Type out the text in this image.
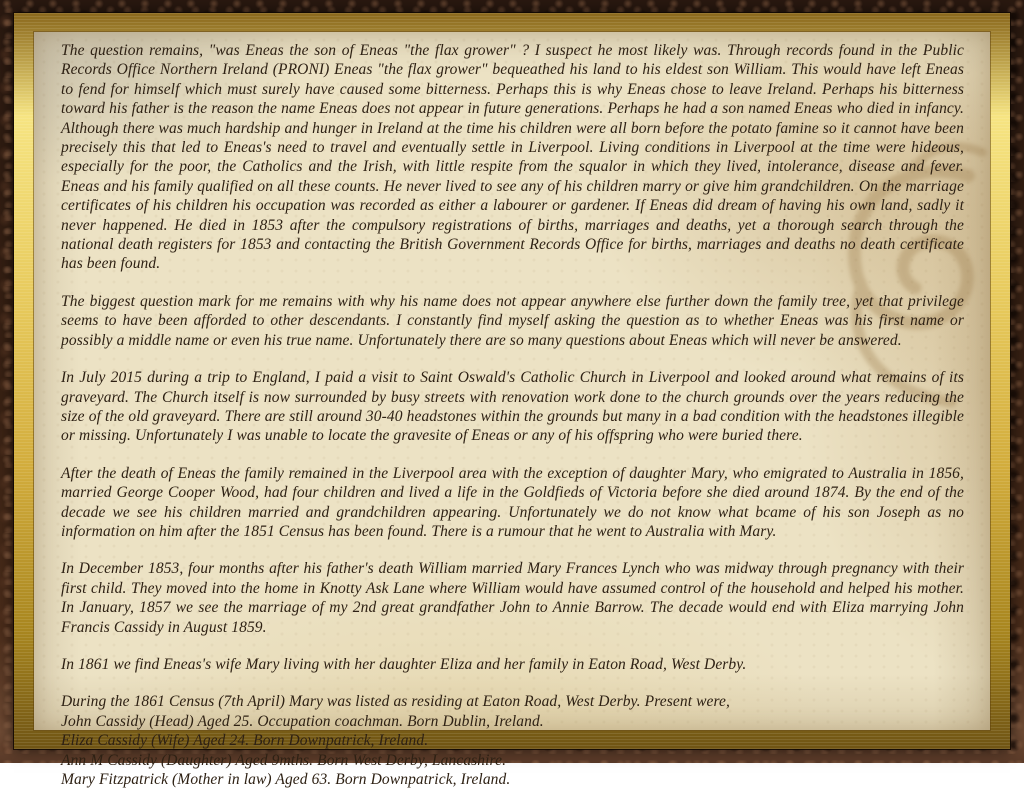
The question remains, "was Eneas the son of Eneas "the flax grower" ? I suspect he most likely was. Through records found in the Public Records Office Northern Ireland (PRONI) Eneas "the flax grower" bequeathed his land to his eldest son William. This would have left Eneas to fend for himself which must surely have caused some bitterness. Perhaps this is why Eneas chose to leave Ireland. Perhaps his bitterness toward his father is the reason the name Eneas does not appear in future generations. Perhaps he had a son named Eneas who died in infancy. Although there was much hardship and hunger in Ireland at the time his children were all born before the potato famine so it cannot have been precisely this that led to Eneas's need to travel and eventually settle in Liverpool. Living conditions in Liverpool at the time were hideous, especially for the poor, the Catholics and the Irish, with little respite from the squalor in which they lived, intolerance, disease and fever. Eneas and his family qualified on all these counts. He never lived to see any of his children marry or give him grandchildren. On the marriage certificates of his children his occupation was recorded as either a labourer or gardener. If Eneas did dream of having his own land, sadly it never happened. He died in 1853 after the compulsory registrations of births, marriages and deaths, yet a thorough search through the national death registers for 1853 and contacting the British Government Records Office for births, marriages and deaths no death certificate has been found.

The biggest question mark for me remains with why his name does not appear anywhere else further down the family tree, yet that privilege seems to have been afforded to other descendants. I constantly find myself asking the question as to whether Eneas was his first name or possibly a middle name or even his true name. Unfortunately there are so many questions about Eneas which will never be answered.

In July 2015 during a trip to England, I paid a visit to Saint Oswald's Catholic Church in Liverpool and looked around what remains of its graveyard. The Church itself is now surrounded by busy streets with renovation work done to the church grounds over the years reducing the size of the old graveyard. There are still around 30-40 headstones within the grounds but many in a bad condition with the headstones illegible or missing. Unfortunately I was unable to locate the gravesite of Eneas or any of his offspring who were buried there.

After the death of Eneas the family remained in the Liverpool area with the exception of daughter Mary, who emigrated to Australia in 1856, married George Cooper Wood, had four children and lived a life in the Goldfieds of Victoria before she died around 1874. By the end of the decade we see his children married and grandchildren appearing. Unfortunately we do not know what bcame of his son Joseph as no information on him after the 1851 Census has been found. There is a rumour that he went to Australia with Mary.

In December 1853, four months after his father's death William married Mary Frances Lynch who was midway through pregnancy with their first child. They moved into the home in Knotty Ask Lane where William would have assumed control of the household and helped his mother. In January, 1857 we see the marriage of my 2nd great grandfather John to Annie Barrow. The decade would end with Eliza marrying John Francis Cassidy in August 1859.

In 1861 we find Eneas's wife Mary living with her daughter Eliza and her family in Eaton Road, West Derby.

During the 1861 Census (7th April) Mary was listed as residing at Eaton Road, West Derby. Present were,
John Cassidy (Head) Aged 25. Occupation coachman. Born Dublin, Ireland.
Eliza Cassidy (Wife) Aged 24. Born Downpatrick, Ireland.
Ann M Cassidy (Daughter) Aged 9mths. Born West Derby, Lancashire.
Mary Fitzpatrick (Mother in law) Aged 63. Born Downpatrick, Ireland.
